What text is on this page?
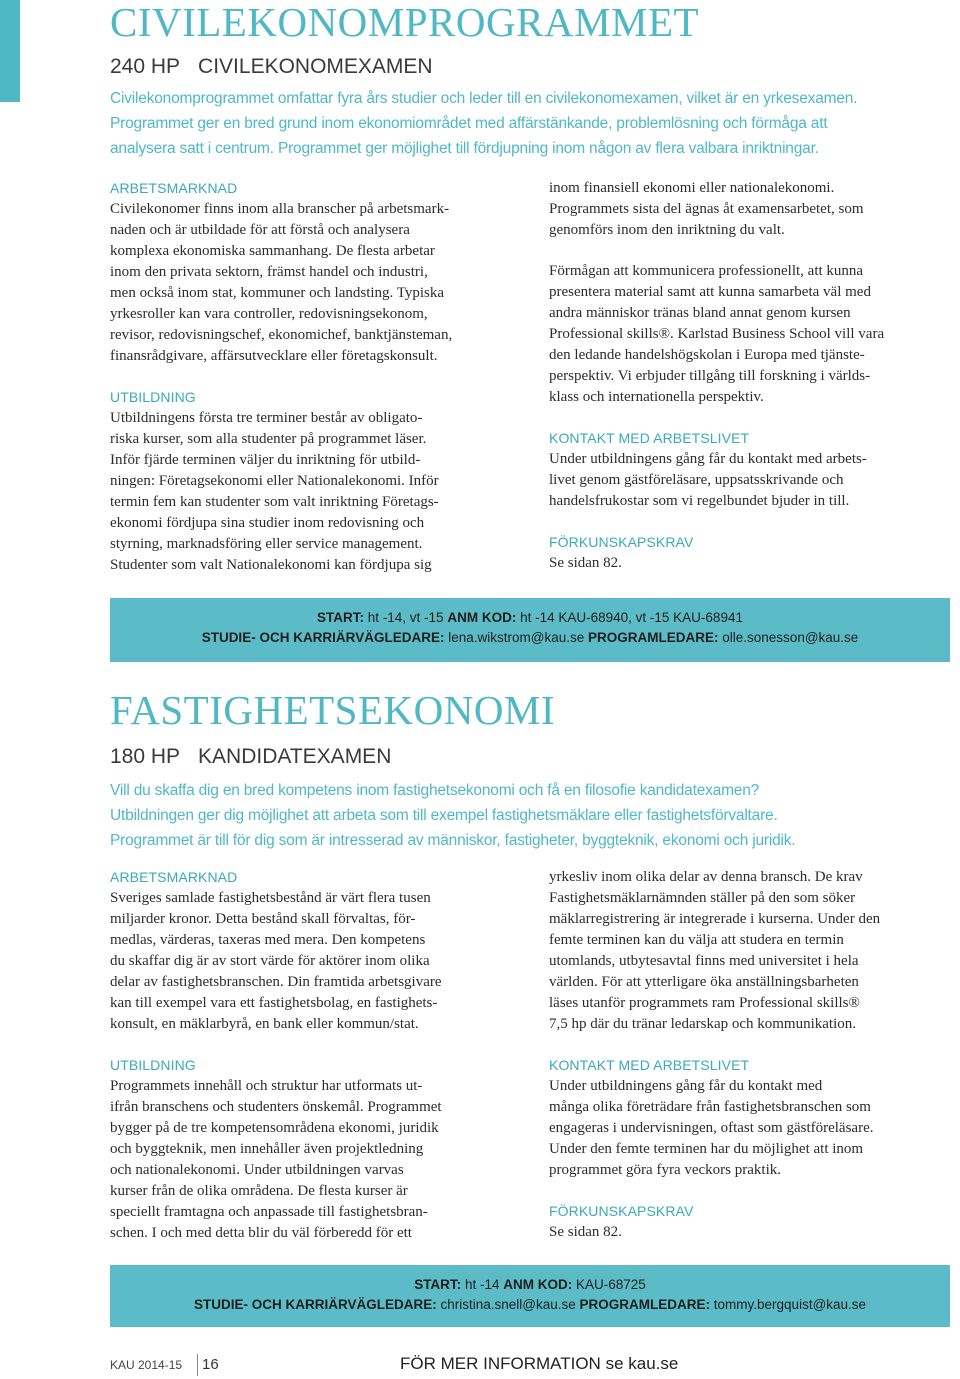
CIVILEKONOMPROGRAMMET
240 HP CIVILEKONOMEXAMEN

Civilekonomprogrammet omfattar fyra års studier och leder till en civilekonomexamen, vilket är en yrkesexamen.

Programmet ger en bred grund inom ekonomiområdet med affärstänkande, problemlösning och förmåga att

analysera satt i centrum. Programmet ger möjlighet till fördjupning inom någon av flera valbara inriktningar.

ARBETSMARKNAD

Civilekonomer finns inom alla branscher på arbetsmark-

naden och är utbildade för att förstå och analysera

komplexa ekonomiska sammanhang. De flesta arbetar

inom den privata sektorn, främst handel och industri,

men också inom stat, kommuner och landsting. Typiska

yrkesroller kan vara controller, redovisningsekonom,

revisor, redovisningschef, ekonomichef, banktjänsteman,

finansrådgivare, affärsutvecklare eller företagskonsult.

UTBILDNING

Utbildningens första tre terminer består av obligato-

riska kurser, som alla studenter på programmet läser.

Inför fjärde terminen väljer du inriktning för utbild-

ningen: Företagsekonomi eller Nationalekonomi. Inför

termin fem kan studenter som valt inriktning Företags-

ekonomi fördjupa sina studier inom redovisning och

styrning, marknadsföring eller service management.

Studenter som valt Nationalekonomi kan fördjupa sig

inom finansiell ekonomi eller nationalekonomi.

Programmets sista del ägnas åt examensarbetet, som

genomförs inom den inriktning du valt.

Förmågan att kommunicera professionellt, att kunna

presentera material samt att kunna samarbeta väl med

andra människor tränas bland annat genom kursen

Professional skills®. Karlstad Business School vill vara

den ledande handelshögskolan i Europa med tjänste-

perspektiv. Vi erbjuder tillgång till forskning i världs-

klass och internationella perspektiv.

KONTAKT MED ARBETSLIVET

Under utbildningens gång får du kontakt med arbets-

livet genom gästföreläsare, uppsatsskrivande och

handelsfrukostar som vi regelbundet bjuder in till.

FÖRKUNSKAPSKRAV

Se sidan 82.

START: ht -14, vt -15 ANM KOD: ht -14 KAU-68940, vt -15 KAU-68941
STUDIE- OCH KARRIÄRVÄGLEDARE: lena.wikstrom@kau.se PROGRAMLEDARE: olle.sonesson@kau.se
FASTIGHETSEKONOMI
180 HP KANDIDATEXAMEN

Vill du skaffa dig en bred kompetens inom fastighetsekonomi och få en filosofie kandidatexamen?

Utbildningen ger dig möjlighet att arbeta som till exempel fastighetsmäklare eller fastighetsförvaltare.

Programmet är till för dig som är intresserad av människor, fastigheter, byggteknik, ekonomi och juridik.

ARBETSMARKNAD

Sveriges samlade fastighetsbestånd är värt flera tusen

miljarder kronor. Detta bestånd skall förvaltas, för-

medlas, värderas, taxeras med mera. Den kompetens

du skaffar dig är av stort värde för aktörer inom olika

delar av fastighetsbranschen. Din framtida arbetsgivare

kan till exempel vara ett fastighetsbolag, en fastighets-

konsult, en mäklarbyrå, en bank eller kommun/stat.

UTBILDNING

Programmets innehåll och struktur har utformats ut-

ifrån branschens och studenters önskemål. Programmet

bygger på de tre kompetensområdena ekonomi, juridik

och byggteknik, men innehåller även projektledning

och nationalekonomi. Under utbildningen varvas

kurser från de olika områdena. De flesta kurser är

speciellt framtagna och anpassade till fastighetsbran-

schen. I och med detta blir du väl förberedd för ett

yrkesliv inom olika delar av denna bransch. De krav

Fastighetsmäklarnämnden ställer på den som söker

mäklarregistrering är integrerade i kurserna. Under den

femte terminen kan du välja att studera en termin

utomlands, utbytesavtal finns med universitet i hela

världen. För att ytterligare öka anställningsbarheten

läses utanför programmets ram Professional skills®

7,5 hp där du tränar ledarskap och kommunikation.

KONTAKT MED ARBETSLIVET

Under utbildningens gång får du kontakt med

många olika företrädare från fastighetsbranschen som

engageras i undervisningen, oftast som gästföreläsare.

Under den femte terminen har du möjlighet att inom

programmet göra fyra veckors praktik.

FÖRKUNSKAPSKRAV

Se sidan 82.

START: ht -14 ANM KOD: KAU-68725
STUDIE- OCH KARRIÄRVÄGLEDARE: christina.snell@kau.se PROGRAMLEDARE: tommy.bergquist@kau.se
KAU 2014-15 16	FÖR MER INFORMATION se kau.se
